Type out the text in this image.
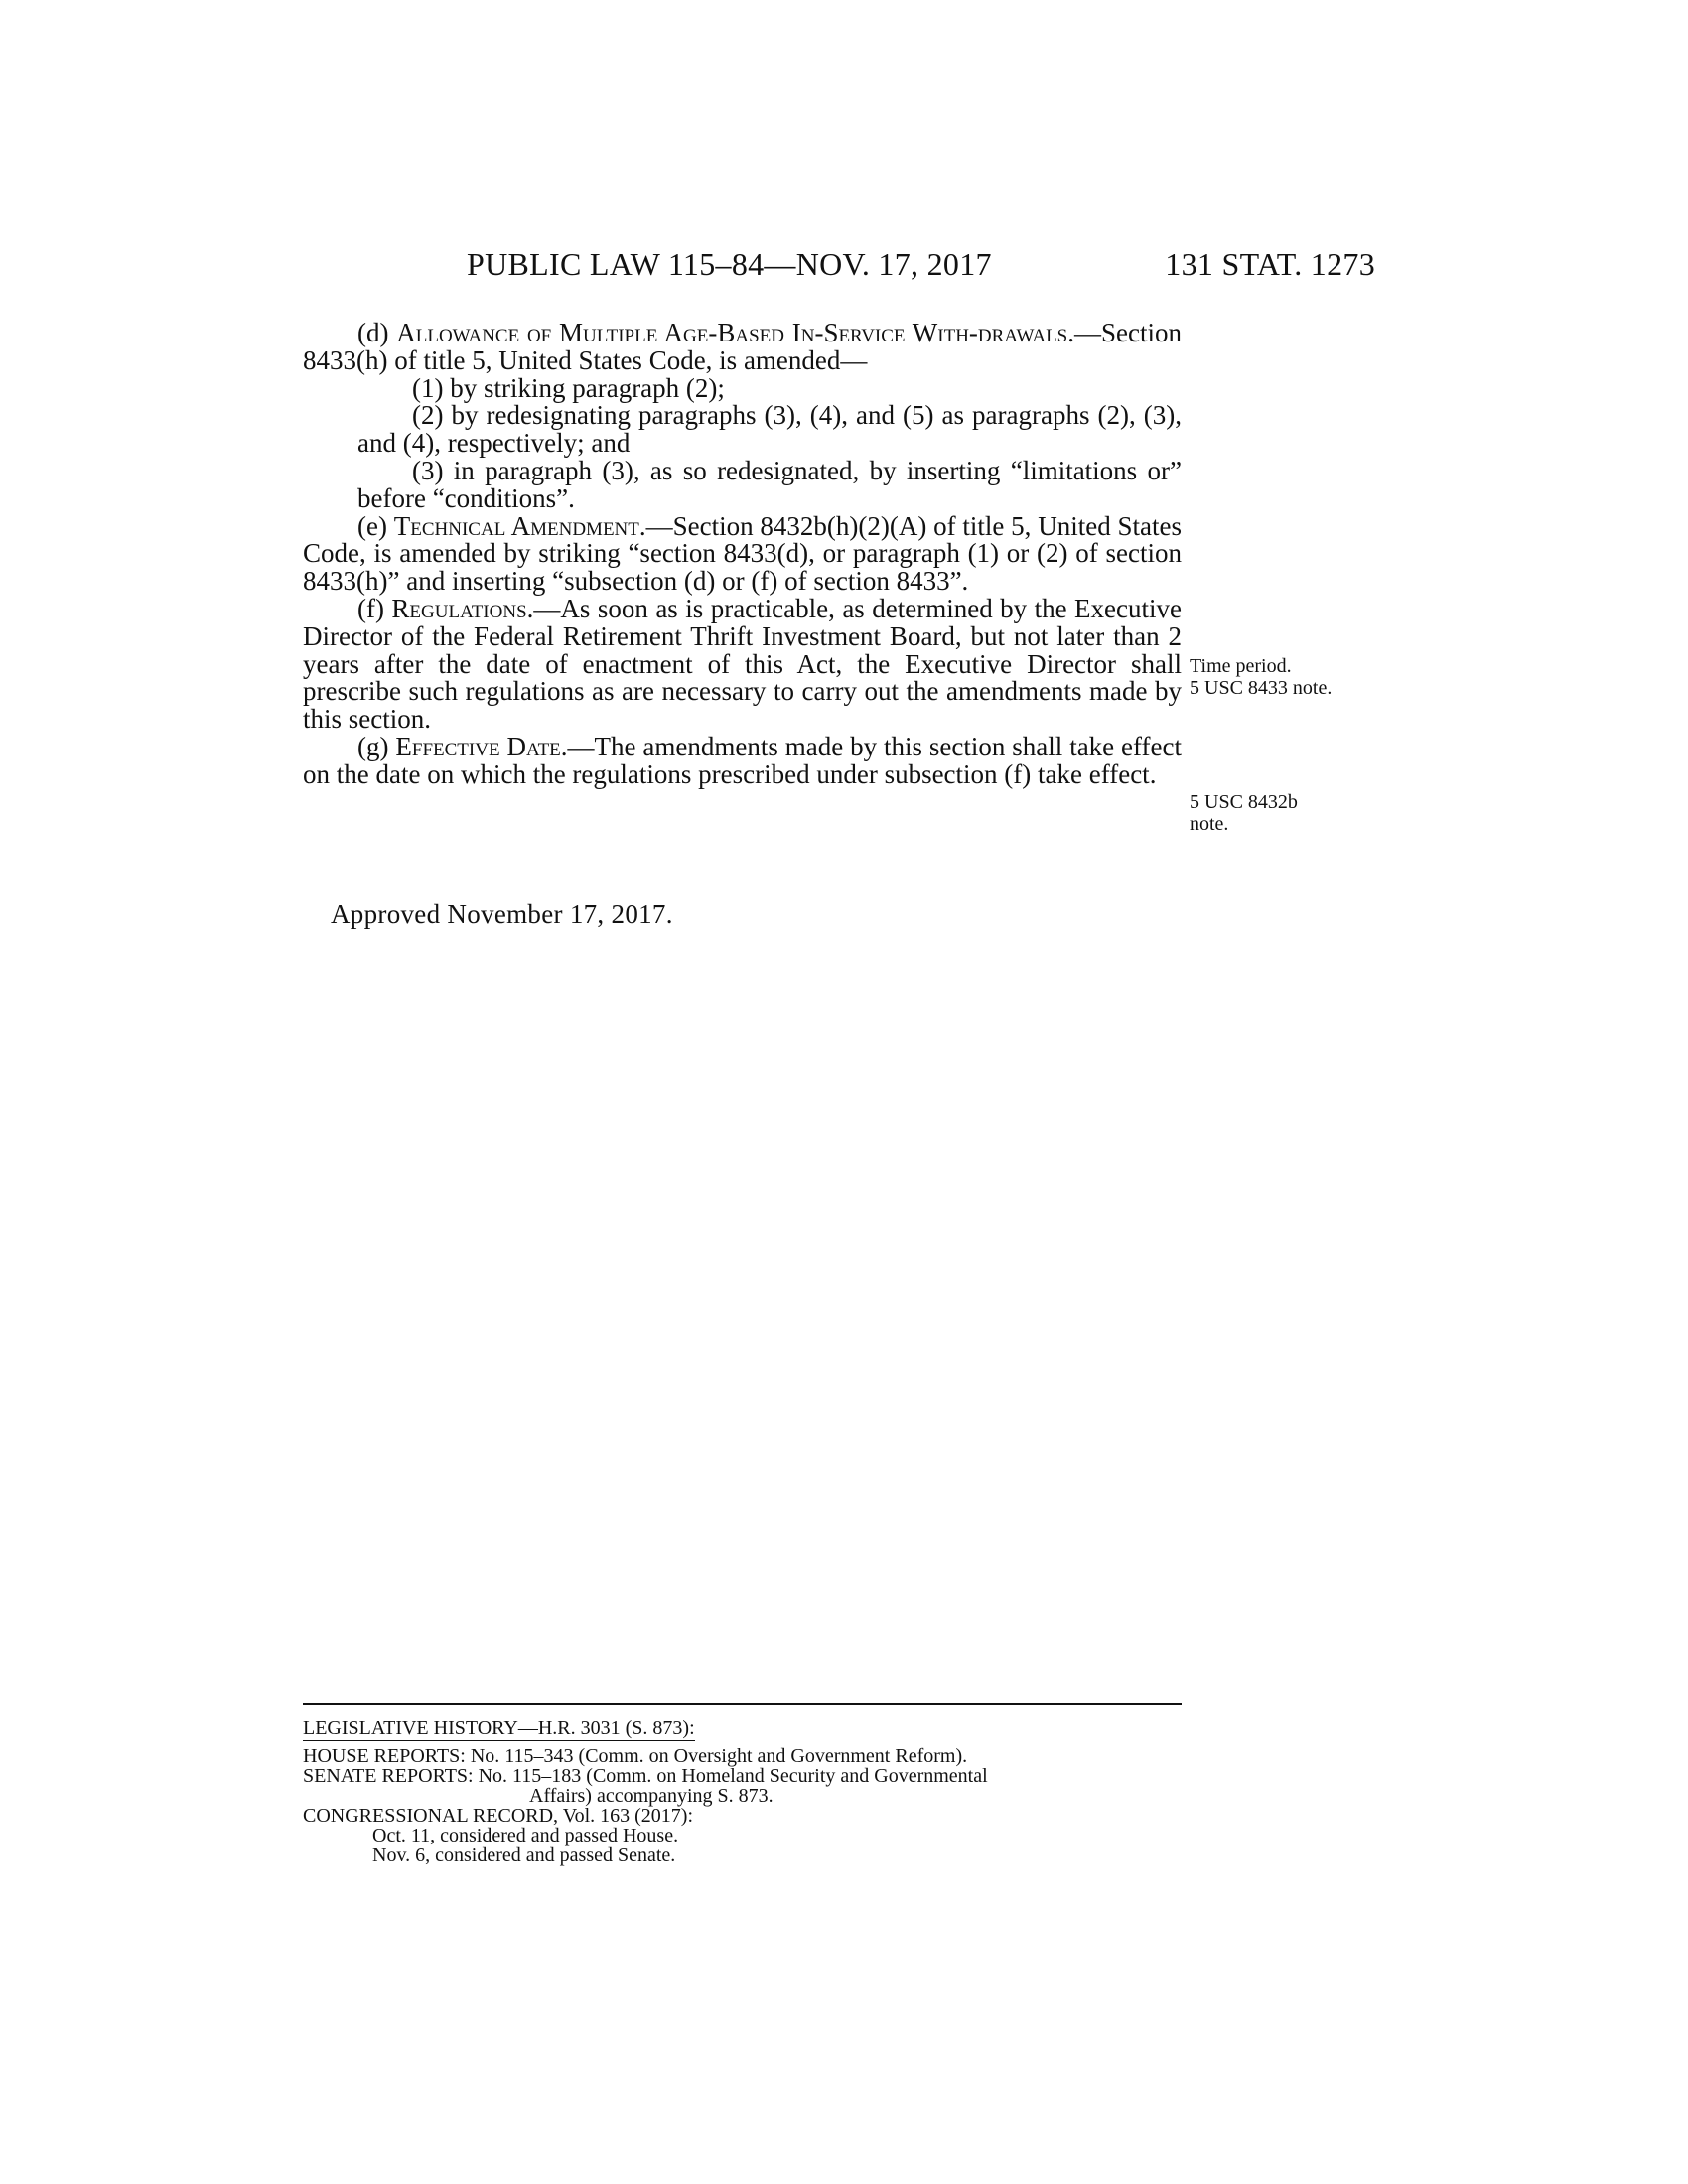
PUBLIC LAW 115–84—NOV. 17, 2017	131 STAT. 1273

(d) Allowance of Multiple Age-Based In-Service With-drawals.—Section 8433(h) of title 5, United States Code, is amended—

(1) by striking paragraph (2);

(2) by redesignating paragraphs (3), (4), and (5) as paragraphs (2), (3), and (4), respectively; and

(3) in paragraph (3), as so redesignated, by inserting “limitations or” before “conditions”.

(e) Technical Amendment.—Section 8432b(h)(2)(A) of title 5, United States Code, is amended by striking “section 8433(d), or paragraph (1) or (2) of section 8433(h)” and inserting “subsection (d) or (f) of section 8433”.

(f) Regulations.—As soon as is practicable, as determined by the Executive Director of the Federal Retirement Thrift Investment Board, but not later than 2 years after the date of enactment of this Act, the Executive Director shall prescribe such regulations as are necessary to carry out the amendments made by this section.

(g) Effective Date.—The amendments made by this section shall take effect on the date on which the regulations prescribed under subsection (f) take effect.

Approved November 17, 2017.
Time period.
5 USC 8433 note.
5 USC 8432b
note.
LEGISLATIVE HISTORY—H.R. 3031 (S. 873):
HOUSE REPORTS: No. 115–343 (Comm. on Oversight and Government Reform).
SENATE REPORTS: No. 115–183 (Comm. on Homeland Security and Governmental
Affairs) accompanying S. 873.
CONGRESSIONAL RECORD, Vol. 163 (2017):
Oct. 11, considered and passed House.
Nov. 6, considered and passed Senate.
